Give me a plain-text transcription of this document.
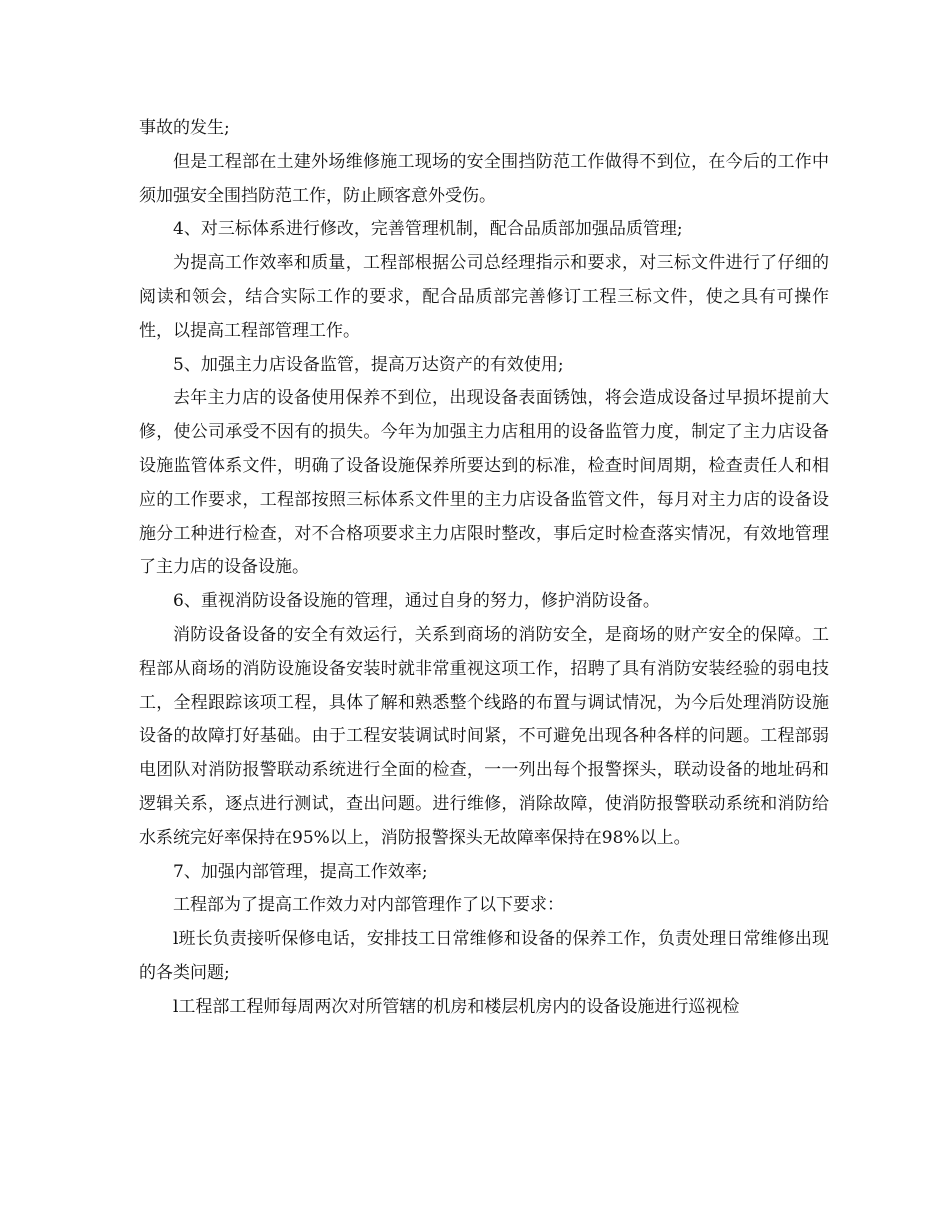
事故的发生;

但是工程部在土建外场维修施工现场的安全围挡防范工作做得不到位，在今后的工作中须加强安全围挡防范工作，防止顾客意外受伤。

4、对三标体系进行修改，完善管理机制，配合品质部加强品质管理;

为提高工作效率和质量，工程部根据公司总经理指示和要求，对三标文件进行了仔细的阅读和领会，结合实际工作的要求，配合品质部完善修订工程三标文件，使之具有可操作性，以提高工程部管理工作。

5、加强主力店设备监管，提高万达资产的有效使用;

去年主力店的设备使用保养不到位，出现设备表面锈蚀，将会造成设备过早损坏提前大修，使公司承受不因有的损失。今年为加强主力店租用的设备监管力度，制定了主力店设备设施监管体系文件，明确了设备设施保养所要达到的标准，检查时间周期，检查责任人和相应的工作要求，工程部按照三标体系文件里的主力店设备监管文件，每月对主力店的设备设施分工种进行检查，对不合格项要求主力店限时整改，事后定时检查落实情况，有效地管理了主力店的设备设施。

6、重视消防设备设施的管理，通过自身的努力，修护消防设备。

消防设备设备的安全有效运行，关系到商场的消防安全，是商场的财产安全的保障。工程部从商场的消防设施设备安装时就非常重视这项工作，招聘了具有消防安装经验的弱电技工，全程跟踪该项工程，具体了解和熟悉整个线路的布置与调试情况，为今后处理消防设施设备的故障打好基础。由于工程安装调试时间紧，不可避免出现各种各样的问题。工程部弱电团队对消防报警联动系统进行全面的检查，一一列出每个报警探头，联动设备的地址码和逻辑关系，逐点进行测试，查出问题。进行维修，消除故障，使消防报警联动系统和消防给水系统完好率保持在95%以上，消防报警探头无故障率保持在98%以上。

7、加强内部管理，提高工作效率;

工程部为了提高工作效力对内部管理作了以下要求：

l班长负责接听保修电话，安排技工日常维修和设备的保养工作，负责处理日常维修出现的各类问题;

l工程部工程师每周两次对所管辖的机房和楼层机房内的设备设施进行巡视检
